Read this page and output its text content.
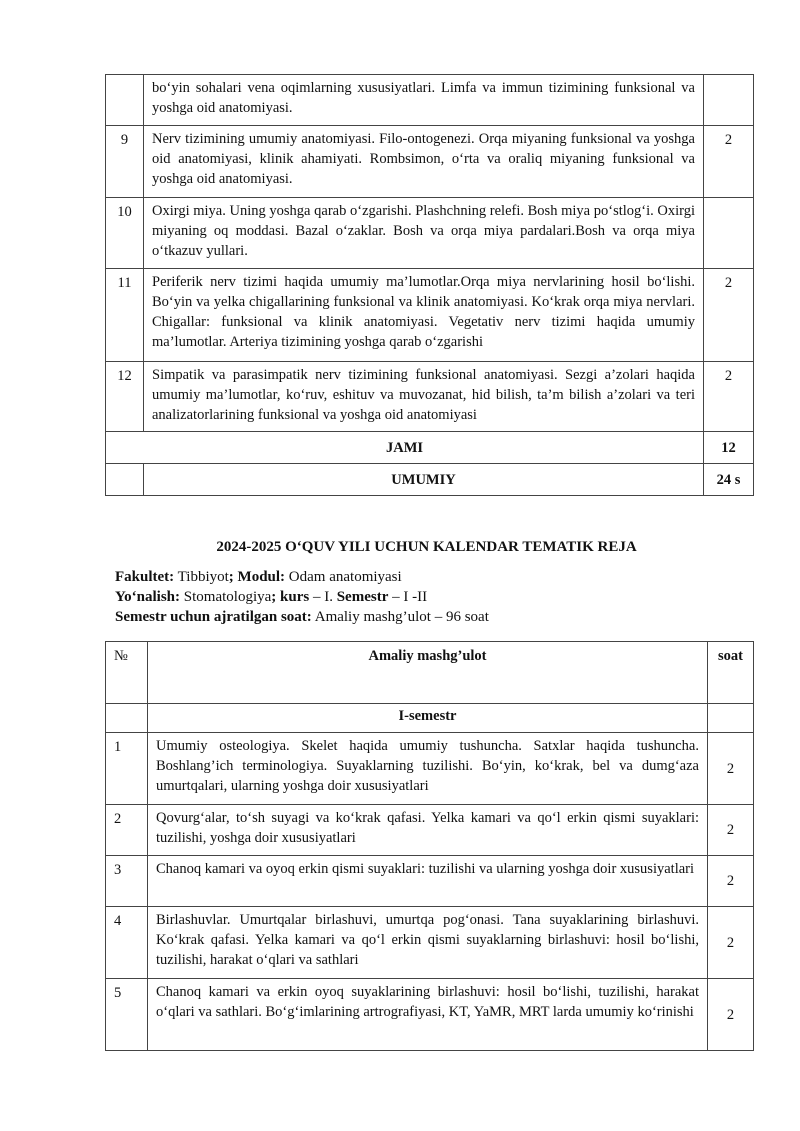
	bo‘yin sohalari vena oqimlarning xususiyatlari. Limfa va immun tizimining funksional va yoshga oid anatomiyasi.	
9	Nerv tizimining umumiy anatomiyasi. Filo-ontogenezi. Orqa miyaning funksional va yoshga oid anatomiyasi, klinik ahamiyati. Rombsimon, o‘rta va oraliq miyaning funksional va yoshga oid anatomiyasi.	2
10	Oxirgi miya. Uning yoshga qarab o‘zgarishi. Plashchning relefi. Bosh miya po‘stlog‘i. Oxirgi miyaning oq moddasi. Bazal o‘zaklar. Bosh va orqa miya pardalari.Bosh va orqa miya o‘tkazuv yullari.	
11	Periferik nerv tizimi haqida umumiy ma’lumotlar.Orqa miya nervlarining hosil bo‘lishi. Bo‘yin va yelka chigallarining funksional va klinik anatomiyasi. Ko‘krak orqa miya nervlari. Chigallar: funksional va klinik anatomiyasi. Vegetativ nerv tizimi haqida umumiy ma’lumotlar. Arteriya tizimining yoshga qarab o‘zgarishi	2
12	Simpatik va parasimpatik nerv tizimining funksional anatomiyasi. Sezgi a’zolari haqida umumiy ma’lumotlar, ko‘ruv, eshituv va muvozanat, hid bilish, ta’m bilish a’zolari va teri analizatorlarining funksional va yoshga oid anatomiyasi	2
JAMI		12
	UMUMIY	24 s
2024-2025 O‘QUV YILI UCHUN KALENDAR TEMATIK REJA
Fakultet: Tibbiyot; Modul: Odam anatomiyasi
Yo‘nalish: Stomatologiya; kurs – I. Semestr – I -II
Semestr uchun ajratilgan soat: Amaliy mashg’ulot – 96 soat
№	Amaliy mashg’ulot	soat
	I-semestr	
1	Umumiy osteologiya. Skelet haqida umumiy tushuncha. Satxlar haqida tushuncha. Boshlang’ich terminologiya. Suyaklarning tuzilishi. Bo‘yin, ko‘krak, bel va dumg‘aza umurtqalari, ularning yoshga doir xususiyatlari	2
2	Qovurg‘alar, to‘sh suyagi va ko‘krak qafasi. Yelka kamari va qo‘l erkin qismi suyaklari: tuzilishi, yoshga doir xususiyatlari	2
3	Chanoq kamari va oyoq erkin qismi suyaklari: tuzilishi va ularning yoshga doir xususiyatlari	2
4	Birlashuvlar. Umurtqalar birlashuvi, umurtqa pog‘onasi. Tana suyaklarining birlashuvi. Ko‘krak qafasi. Yelka kamari va qo‘l erkin qismi suyaklarning birlashuvi: hosil bo‘lishi, tuzilishi, harakat o‘qlari va sathlari	2
5	Chanoq kamari va erkin oyoq suyaklarining birlashuvi: hosil bo‘lishi, tuzilishi, harakat o‘qlari va sathlari. Bo‘g‘imlarining artrografiyasi, KT, YaMR, MRT larda umumiy ko‘rinishi	2
